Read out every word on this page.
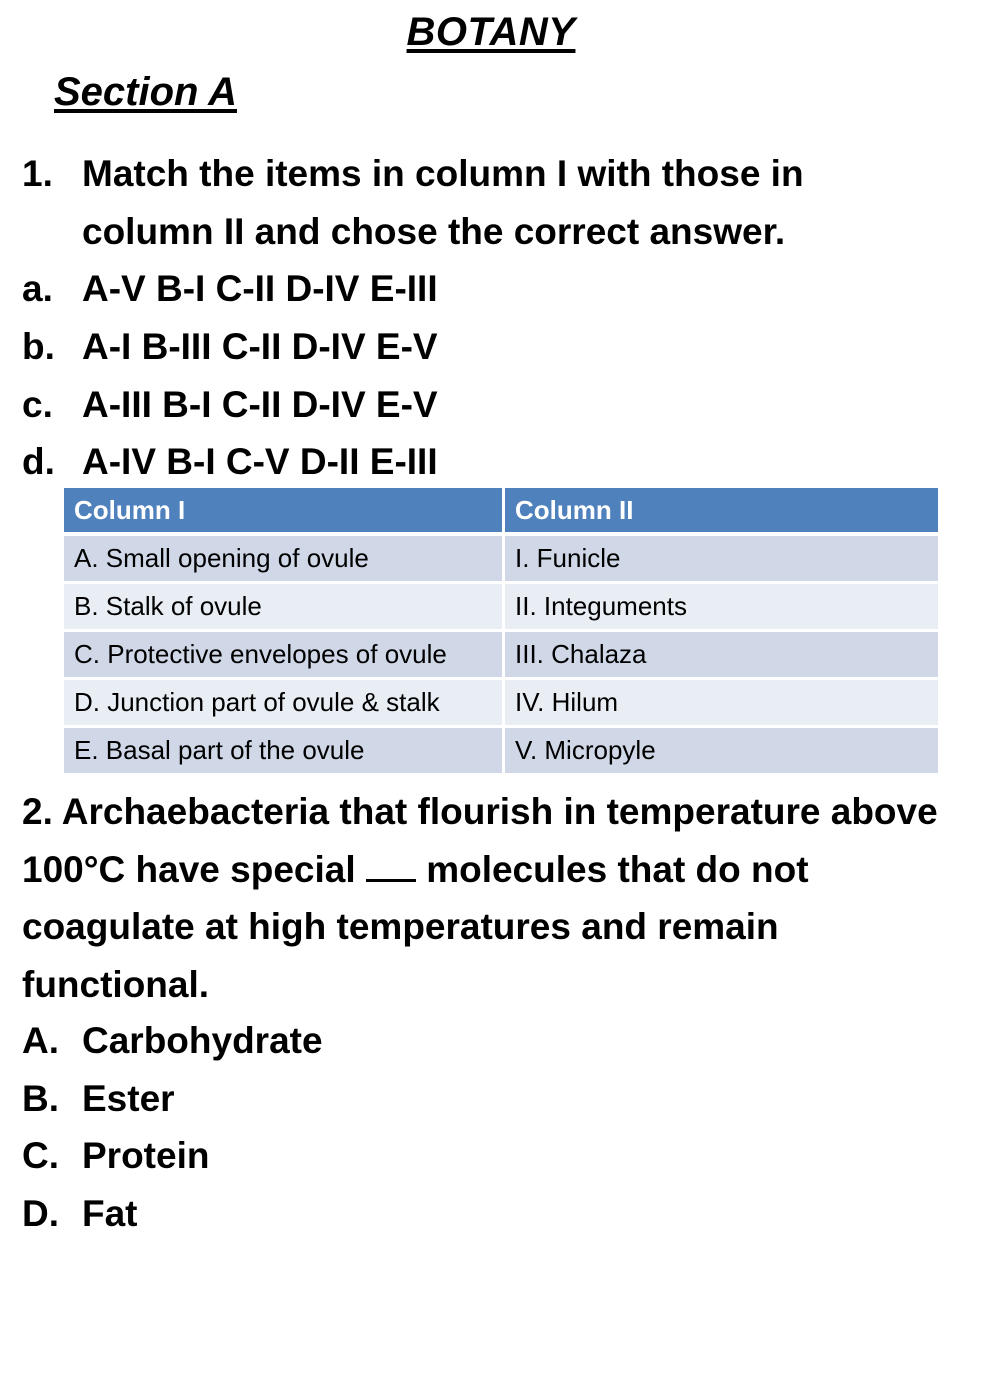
BOTANY
Section A
1. Match the items in column I with those in
column II and chose the correct answer.
a. A-V B-I C-II D-IV E-III
b. A-I B-III C-II D-IV E-V
c. A-III B-I C-II D-IV E-V
d. A-IV B-I C-V D-II E-III
Column I	Column II
A. Small opening of ovule	I. Funicle
B. Stalk of ovule	II. Integuments
C. Protective envelopes of ovule	III. Chalaza
D. Junction part of ovule & stalk	IV. Hilum
E. Basal part of the ovule	V. Micropyle
2. Archaebacteria that flourish in temperature above 100°C have special molecules that do not coagulate at high temperatures and remain functional.
A. Carbohydrate
B. Ester
C. Protein
D. Fat
